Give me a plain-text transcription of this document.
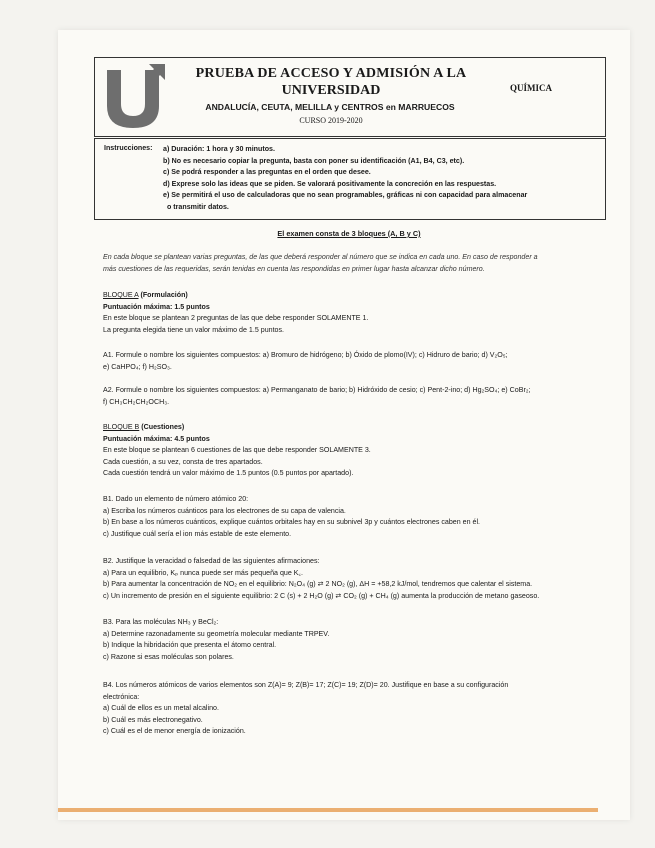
PRUEBA DE ACCESO Y ADMISIÓN A LA
UNIVERSIDAD
ANDALUCÍA, CEUTA, MELILLA y CENTROS en MARRUECOS
CURSO 2019-2020
QUÍMICA
Instrucciones: a) Duración: 1 hora y 30 minutos.
b) No es necesario copiar la pregunta, basta con poner su identificación (A1, B4, C3, etc).
c) Se podrá responder a las preguntas en el orden que desee.
d) Exprese solo las ideas que se piden. Se valorará positivamente la concreción en las respuestas.
e) Se permitirá el uso de calculadoras que no sean programables, gráficas ni con capacidad para almacenar
o transmitir datos.
El examen consta de 3 bloques (A, B y C)
En cada bloque se plantean varias preguntas, de las que deberá responder al número que se indica en cada uno. En caso de responder a
más cuestiones de las requeridas, serán tenidas en cuenta las respondidas en primer lugar hasta alcanzar dicho número.
BLOQUE A (Formulación)
Puntuación máxima: 1.5 puntos
En este bloque se plantean 2 preguntas de las que debe responder SOLAMENTE 1.
La pregunta elegida tiene un valor máximo de 1.5 puntos.
A1. Formule o nombre los siguientes compuestos: a) Bromuro de hidrógeno; b) Óxido de plomo(IV); c) Hidruro de bario; d) V₂O₅;
e) CaHPO₄; f) H₂SO₃.
A2. Formule o nombre los siguientes compuestos: a) Permanganato de bario; b) Hidróxido de cesio; c) Pent-2-ino; d) Hg₂SO₄; e) CoBr₂;
f) CH₃CH₂CH₂OCH₃.
BLOQUE B (Cuestiones)
Puntuación máxima: 4.5 puntos
En este bloque se plantean 6 cuestiones de las que debe responder SOLAMENTE 3.
Cada cuestión, a su vez, consta de tres apartados.
Cada cuestión tendrá un valor máximo de 1.5 puntos (0.5 puntos por apartado).
B1. Dado un elemento de número atómico 20:
a) Escriba los números cuánticos para los electrones de su capa de valencia.
b) En base a los números cuánticos, explique cuántos orbitales hay en su subnivel 3p y cuántos electrones caben en él.
c) Justifique cuál sería el ion más estable de este elemento.
B2. Justifique la veracidad o falsedad de las siguientes afirmaciones:
a) Para un equilibrio, Kₚ nunca puede ser más pequeña que K꜀.
b) Para aumentar la concentración de NO₂ en el equilibrio: N₂O₄ (g) ⇄ 2 NO₂ (g), ΔH = +58,2 kJ/mol, tendremos que calentar el sistema.
c) Un incremento de presión en el siguiente equilibrio: 2 C (s) + 2 H₂O (g) ⇄ CO₂ (g) + CH₄ (g) aumenta la producción de metano gaseoso.
B3. Para las moléculas NH₃ y BeCl₂:
a) Determine razonadamente su geometría molecular mediante TRPEV.
b) Indique la hibridación que presenta el átomo central.
c) Razone si esas moléculas son polares.
B4. Los números atómicos de varios elementos son Z(A)= 9; Z(B)= 17; Z(C)= 19; Z(D)= 20. Justifique en base a su configuración
electrónica:
a) Cuál de ellos es un metal alcalino.
b) Cuál es más electronegativo.
c) Cuál es el de menor energía de ionización.
